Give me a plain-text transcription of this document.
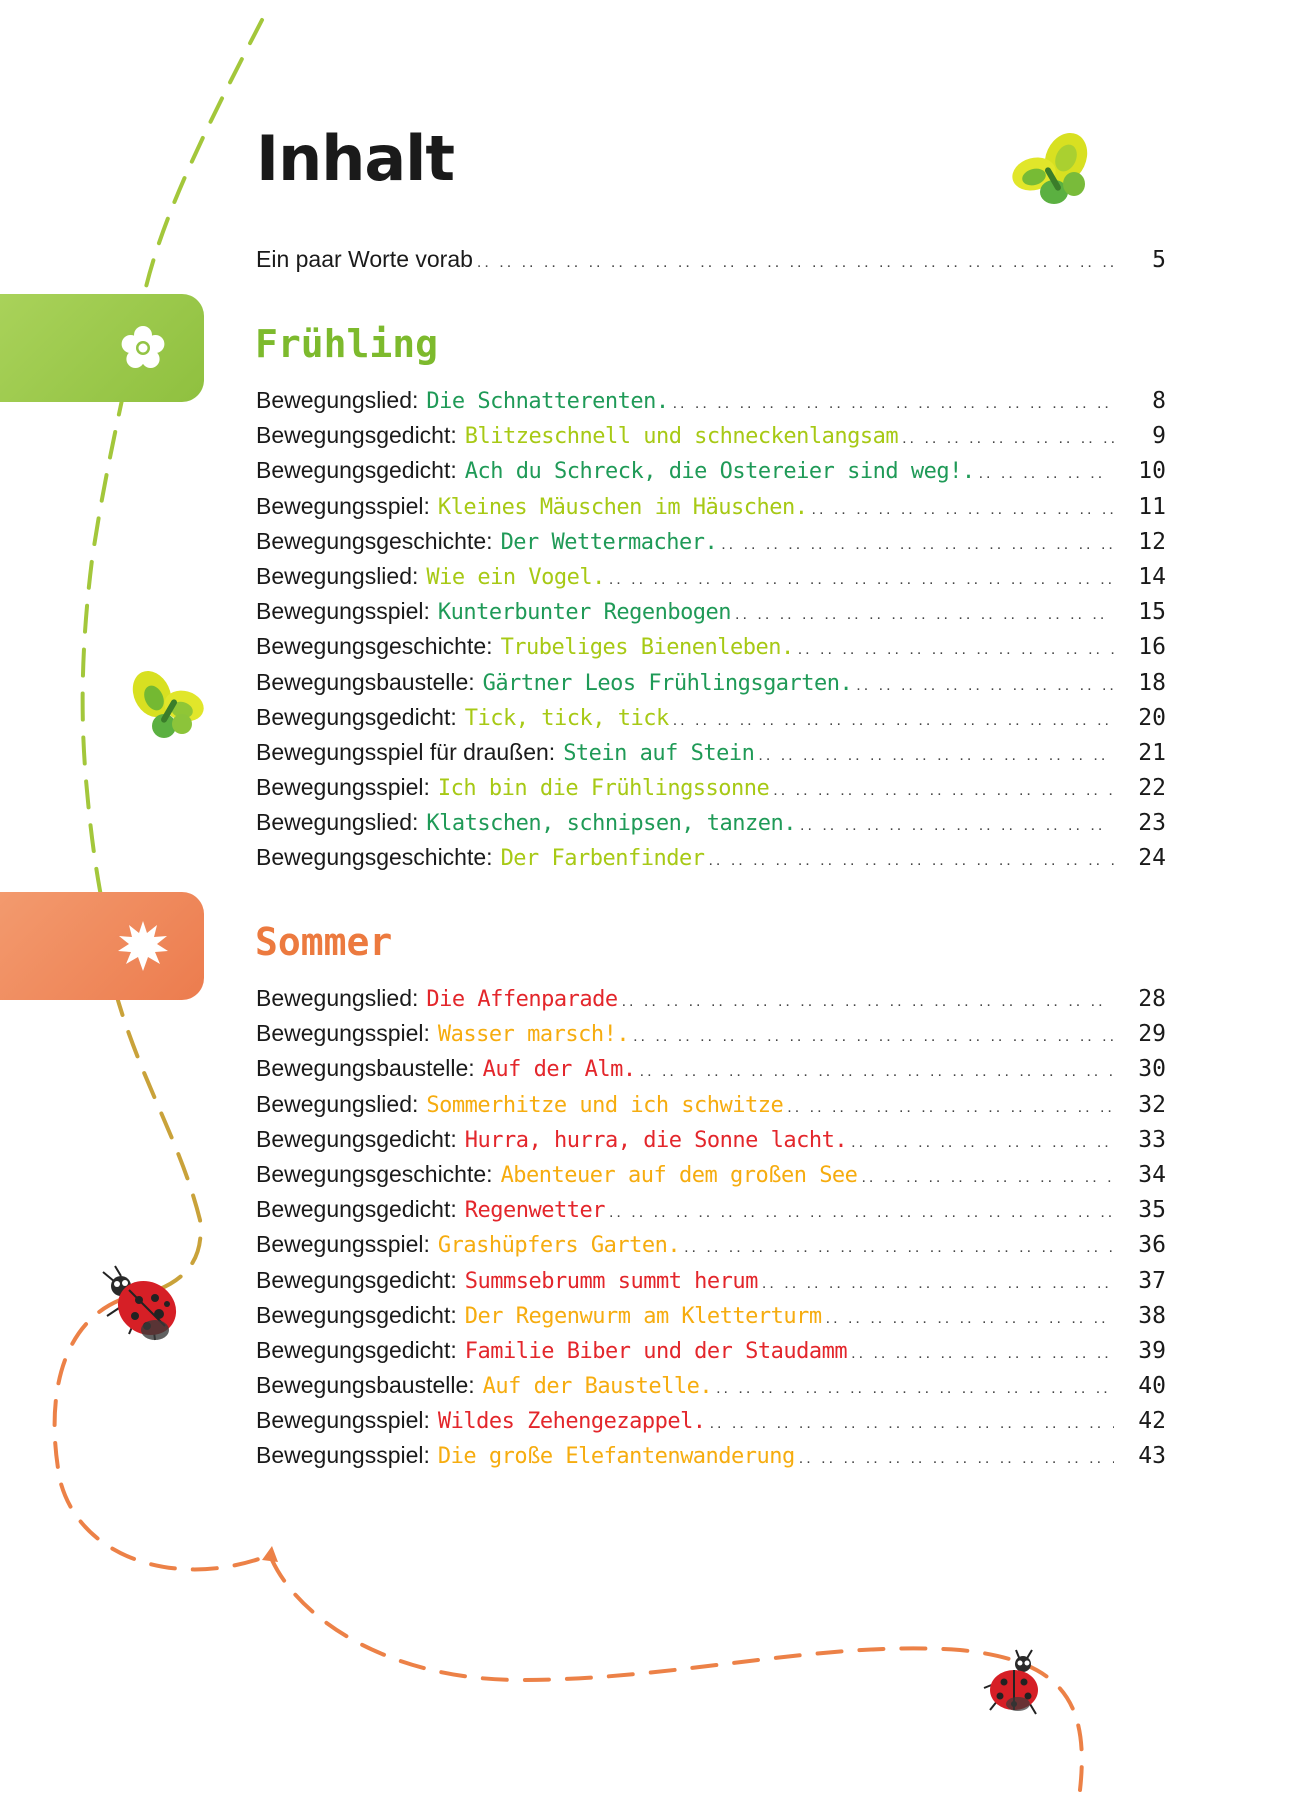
Inhalt
Ein paar Worte vorab .. ..	5
Frühling
Bewegungslied: Die Schnatterenten. .. ..	8
Bewegungsgedicht: Blitzeschnell und schneckenlangsam .. ..	9
Bewegungsgedicht: Ach du Schreck, die Ostereier sind weg!. .. ..	10
Bewegungsspiel: Kleines Mäuschen im Häuschen. .. ..	11
Bewegungsgeschichte: Der Wettermacher. .. ..	12
Bewegungslied: Wie ein Vogel. .. ..	14
Bewegungsspiel: Kunterbunter Regenbogen .. ..	15
Bewegungsgeschichte: Trubeliges Bienenleben. .. ..	16
Bewegungsbaustelle: Gärtner Leos Frühlingsgarten. .. ..	18
Bewegungsgedicht: Tick, tick, tick .. ..	20
Bewegungsspiel für draußen: Stein auf Stein .. ..	21
Bewegungsspiel: Ich bin die Frühlingssonne .. ..	22
Bewegungslied: Klatschen, schnipsen, tanzen. .. ..	23
Bewegungsgeschichte: Der Farbenfinder .. ..	24
Sommer
Bewegungslied: Die Affenparade .. ..	28
Bewegungsspiel: Wasser marsch!. .. ..	29
Bewegungsbaustelle: Auf der Alm. .. ..	30
Bewegungslied: Sommerhitze und ich schwitze .. ..	32
Bewegungsgedicht: Hurra, hurra, die Sonne lacht. .. ..	33
Bewegungsgeschichte: Abenteuer auf dem großen See .. ..	34
Bewegungsgedicht: Regenwetter .. ..	35
Bewegungsspiel: Grashüpfers Garten. .. ..	36
Bewegungsgedicht: Summsebrumm summt herum .. ..	37
Bewegungsgedicht: Der Regenwurm am Kletterturm .. ..	38
Bewegungsgedicht: Familie Biber und der Staudamm .. ..	39
Bewegungsbaustelle: Auf der Baustelle. .. ..	40
Bewegungsspiel: Wildes Zehengezappel. .. ..	42
Bewegungsspiel: Die große Elefantenwanderung .. ..	43
